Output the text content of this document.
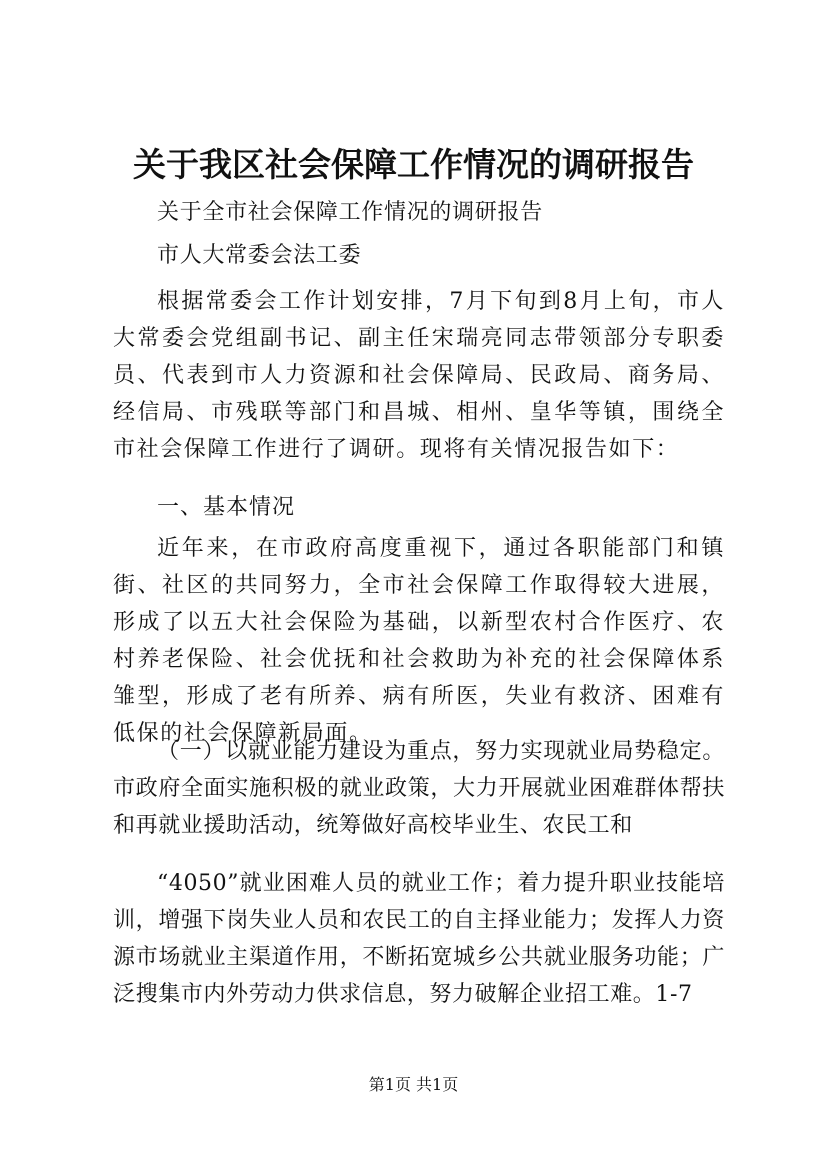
关于我区社会保障工作情况的调研报告
关于全市社会保障工作情况的调研报告
市人大常委会法工委

根据常委会工作计划安排，7月下旬到8月上旬，市人大常委会党组副书记、副主任宋瑞亮同志带领部分专职委员、代表到市人力资源和社会保障局、民政局、商务局、经信局、市残联等部门和昌城、相州、皇华等镇，围绕全市社会保障工作进行了调研。现将有关情况报告如下：

一、基本情况

近年来，在市政府高度重视下，通过各职能部门和镇街、社区的共同努力，全市社会保障工作取得较大进展，形成了以五大社会保险为基础，以新型农村合作医疗、农村养老保险、社会优抚和社会救助为补充的社会保障体系雏型，形成了老有所养、病有所医，失业有救济、困难有低保的社会保障新局面。

（一）以就业能力建设为重点，努力实现就业局势稳定。市政府全面实施积极的就业政策，大力开展就业困难群体帮扶和再就业援助活动，统筹做好高校毕业生、农民工和

“4050”就业困难人员的就业工作；着力提升职业技能培训，增强下岗失业人员和农民工的自主择业能力；发挥人力资源市场就业主渠道作用，不断拓宽城乡公共就业服务功能；广泛搜集市内外劳动力供求信息，努力破解企业招工难。1-7

第1页 共1页
